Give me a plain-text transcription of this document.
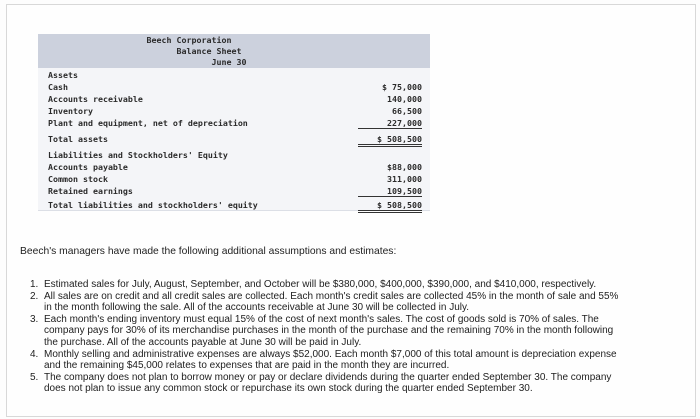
Beech Corporation
Balance Sheet
June 30
Assets
Cash	$ 75,000
Accounts receivable	140,000
Inventory	66,500
Plant and equipment, net of depreciation	227,000
Total assets	$ 508,500
Liabilities and Stockholders' Equity
Accounts payable	$88,000
Common stock	311,000
Retained earnings	109,500
Total liabilities and stockholders' equity	$ 508,500
Beech's managers have made the following additional assumptions and estimates:
1. Estimated sales for July, August, September, and October will be $380,000, $400,000, $390,000, and $410,000, respectively.
2. All sales are on credit and all credit sales are collected. Each month's credit sales are collected 45% in the month of sale and 55%
in the month following the sale. All of the accounts receivable at June 30 will be collected in July.
3. Each month's ending inventory must equal 15% of the cost of next month's sales. The cost of goods sold is 70% of sales. The
company pays for 30% of its merchandise purchases in the month of the purchase and the remaining 70% in the month following
the purchase. All of the accounts payable at June 30 will be paid in July.
4. Monthly selling and administrative expenses are always $52,000. Each month $7,000 of this total amount is depreciation expense
and the remaining $45,000 relates to expenses that are paid in the month they are incurred.
5. The company does not plan to borrow money or pay or declare dividends during the quarter ended September 30. The company
does not plan to issue any common stock or repurchase its own stock during the quarter ended September 30.
